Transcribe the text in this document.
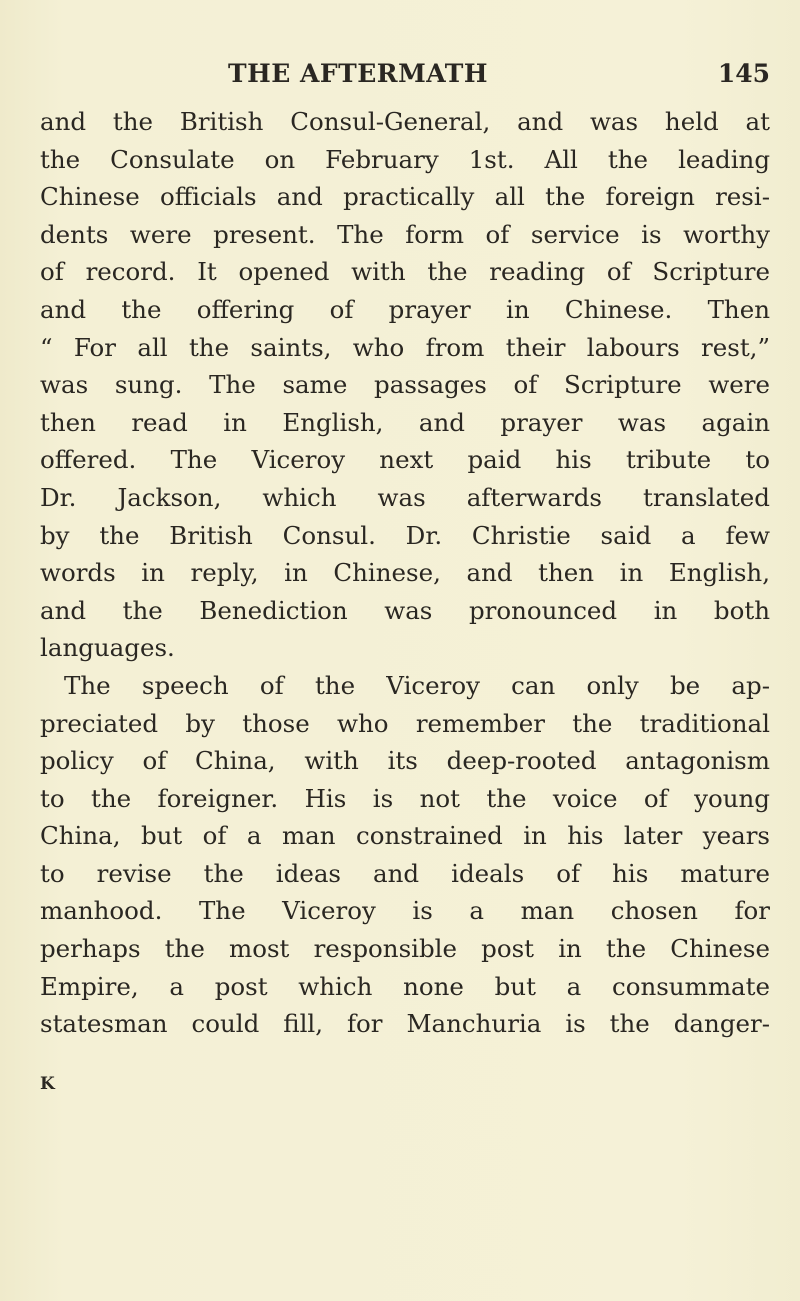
THE AFTERMATH	145
and the British Consul-General, and was held at
the Consulate on February 1st. All the leading
Chinese officials and practically all the foreign resi-
dents were present. The form of service is worthy
of record. It opened with the reading of Scripture
and the offering of prayer in Chinese. Then
“ For all the saints, who from their labours rest,”
was sung. The same passages of Scripture were
then read in English, and prayer was again
offered. The Viceroy next paid his tribute to
Dr. Jackson, which was afterwards translated
by the British Consul. Dr. Christie said a few
words in reply, in Chinese, and then in English,
and the Benediction was pronounced in both
languages.
The speech of the Viceroy can only be ap-
preciated by those who remember the traditional
policy of China, with its deep-rooted antagonism
to the foreigner. His is not the voice of young
China, but of a man constrained in his later years
to revise the ideas and ideals of his mature
manhood. The Viceroy is a man chosen for
perhaps the most responsible post in the Chinese
Empire, a post which none but a consummate
statesman could fill, for Manchuria is the danger-
K
